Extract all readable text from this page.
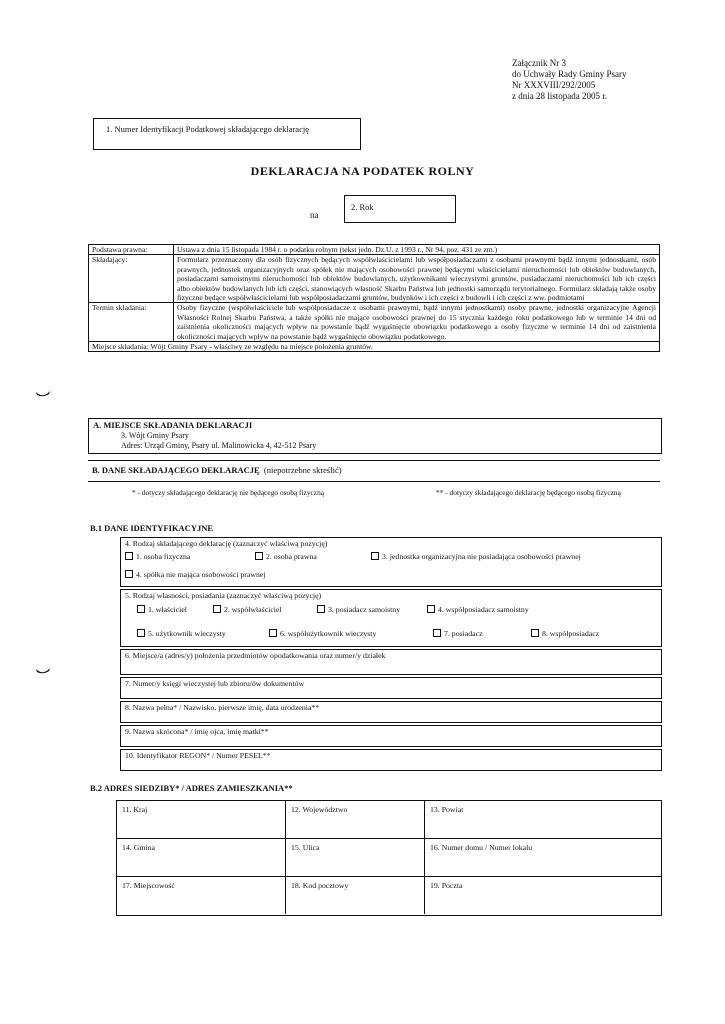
Załącznik Nr 3
do Uchwały Rady Gminy Psary
Nr XXXVIII/292/2005
z dnia 28 listopada 2005 r.
1. Numer Identyfikacji Podatkowej składającego deklarację
DEKLARACJA NA PODATEK ROLNY
na
2. Rok
Podstawa prawna:	Ustawa z dnia 15 listopada 1984 r. o podatku rolnym (tekst jedn. Dz.U. z 1993 r., Nr 94, poz. 431 ze zm.)
Składający:	Formularz przeznaczony dla osób fizycznych będących współwłaścicielami lub współposiadaczami z osobami prawnymi bądź innymi jednostkami, osób prawnych, jednostek organizacyjnych oraz spółek nie mających osobowości prawnej będącymi właścicielami nieruchomości lub obiektów budowlanych, posiadaczami samoistnymi nieruchomości lub obiektów budowlanych, użytkownikami wieczystymi gruntów, posiadaczami nieruchomości lub ich części albo obiektów budowlanych lub ich części, stanowiących własność Skarbu Państwa lub jednostki samorządu terytorialnego. Formularz składają także osoby fizyczne będące współwłaścicielami lub współposiadaczami gruntów, budynków i ich części z budowli i ich części z ww. podmiotami
Termin składania:	Osoby fizyczne (współwłaściciele lub współposiadacze z osobami prawnymi, bądź innymi jednostkami) osoby prawne, jednostki organizacyjne Agencji Własności Rolnej Skarbu Państwa, a także spółki nie mające osobowości prawnej do 15 stycznia każdego roku podatkowego lub w terminie 14 dni od zaistnienia okoliczności mających wpływ na powstanie bądź wygaśnięcie obowiązku podatkowego a osoby fizyczne w terminie 14 dni od zaistnienia okoliczności mających wpływ na powstanie bądź wygaśnięcie obowiązku podatkowego.
Miejsce składania: Wójt Gminy Psary - właściwy ze względu na miejsce położenia gruntów.	
A. MIEJSCE SKŁADANIA DEKLARACJI
3. Wójt Gminy Psary
Adres: Urząd Gminy, Psary ul. Malinowicka 4, 42-512 Psary
B. DANE SKŁADAJĄCEGO DEKLARACJĘ (niepotrzebne skreślić)
* - dotyczy składającego deklarację nie będącego osobą fizyczną	** - dotyczy składającego deklarację będącego osobą fizyczną
B.1 DANE IDENTYFIKACYJNE
4. Rodzaj składającego deklarację (zaznaczyć właściwą pozycję)
1. osoba fizyczna	2. osoba prawna	3. jednostka organizacyjna nie posiadająca osobowości prawnej
4. spółka nie mająca osobowości prawnej
5. Rodzaj własności, posiadania (zaznaczyć właściwą pozycję)
1. właściciel	2. współwłaściciel	3. posiadacz samoistny	4. współposiadacz samoistny
5. użytkownik wieczysty	6. współużytkownik wieczysty	7. posiadacz	8. współposiadacz
6. Miejsce/a (adres/y) położenia przedmiotów opodatkowania oraz numer/y działek
7. Numer/y księgi wieczystej lub zbioru/ów dokumentów
8. Nazwa pełna* / Nazwisko, pierwsze imię, data urodzenia**
9. Nazwa skrócona* / imię ojca, imię matki**
10. Identyfikator REGON* / Numer PESEL**
B.2 ADRES SIEDZIBY* / ADRES ZAMIESZKANIA**
11. Kraj	12. Województwo	13. Powiat
14. Gmina	15. Ulica	16. Numer domu / Numer lokalu
17. Miejscowość	18. Kod pocztowy	19. Poczta
